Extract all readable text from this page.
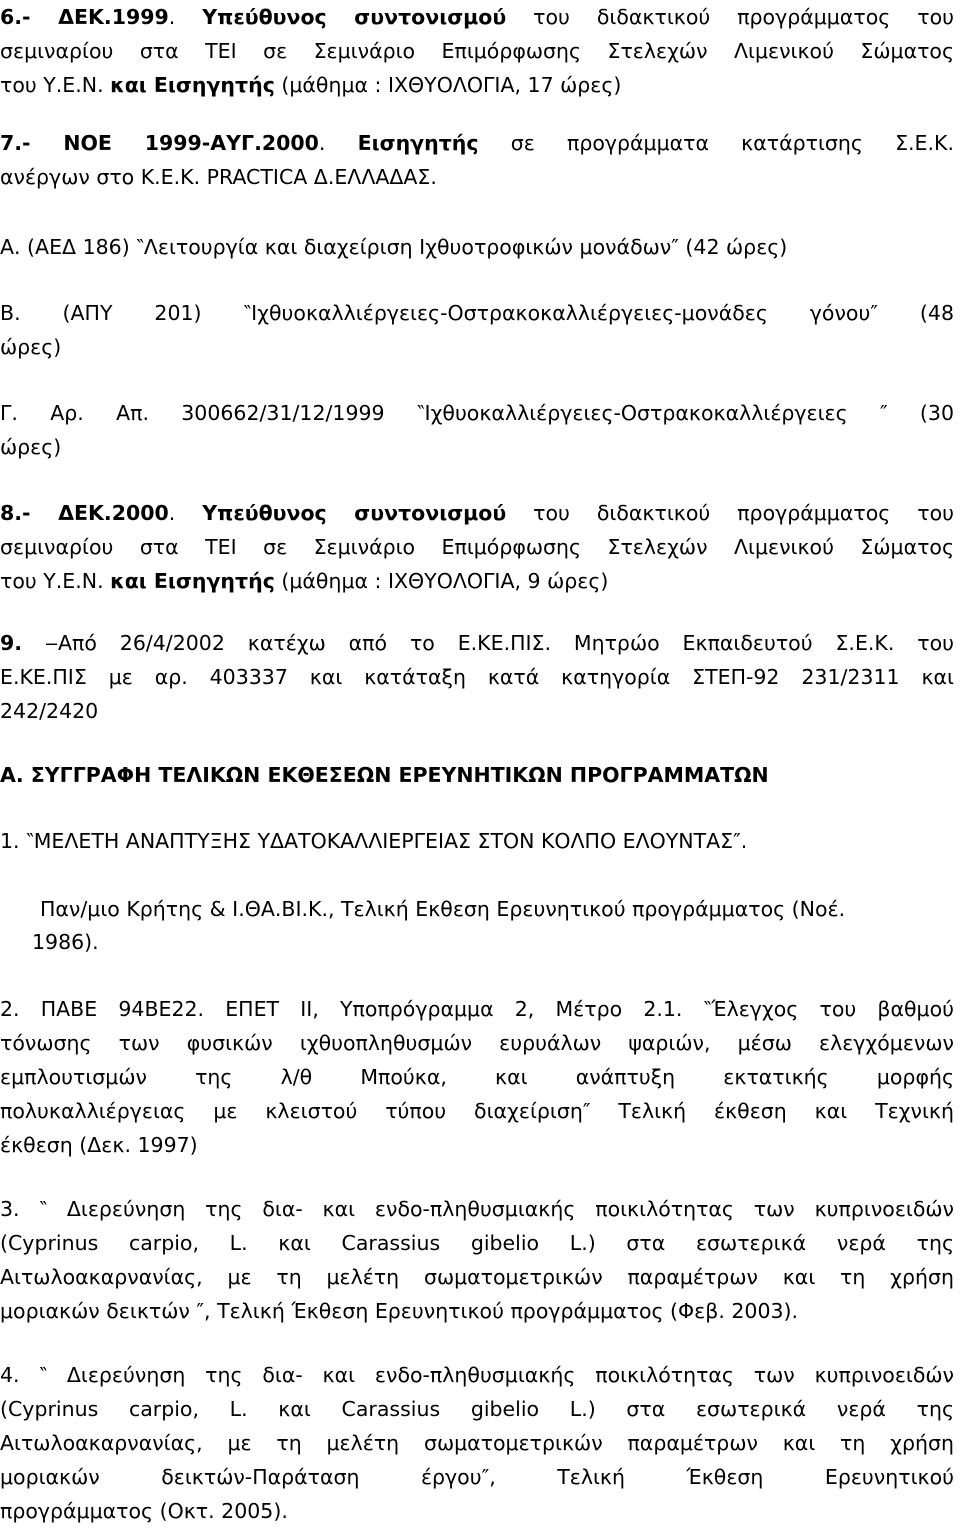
6.- ΔΕΚ.1999. Υπεύθυνος συντονισμού του διδακτικού προγράμματος του
σεμιναρίου στα ΤΕΙ σε Σεμινάριο Επιμόρφωσης Στελεχών Λιμενικού Σώματος
του Υ.Ε.Ν. και Εισηγητής (μάθημα : ΙΧΘΥΟΛΟΓΙΑ, 17 ώρες)
7.- ΝΟΕ 1999-ΑΥΓ.2000. Εισηγητής σε προγράμματα κατάρτισης Σ.Ε.Κ.
ανέργων στο Κ.Ε.Κ. PRACTICA Δ.ΕΛΛΑΔΑΣ.
Α. (ΑΕΔ 186) ‶Λειτουργία και διαχείριση Ιχθυοτροφικών μονάδων″ (42 ώρες)
Β. (ΑΠΥ 201) ‶Ιχθυοκαλλιέργειες-Οστρακοκαλλιέργειες-μονάδες γόνου″ (48
ώρες)
Γ. Αρ. Απ. 300662/31/12/1999 ‶Ιχθυοκαλλιέργειες-Οστρακοκαλλιέργειες ″ (30
ώρες)
8.- ΔΕΚ.2000. Υπεύθυνος συντονισμού του διδακτικού προγράμματος του
σεμιναρίου στα ΤΕΙ σε Σεμινάριο Επιμόρφωσης Στελεχών Λιμενικού Σώματος
του Υ.Ε.Ν. και Εισηγητής (μάθημα : ΙΧΘΥΟΛΟΓΙΑ, 9 ώρες)
9. ‒Από 26/4/2002 κατέχω από το Ε.ΚΕ.ΠΙΣ. Μητρώο Εκπαιδευτού Σ.Ε.Κ. του
Ε.ΚΕ.ΠΙΣ με αρ. 403337 και κατάταξη κατά κατηγορία ΣΤΕΠ-92 231/2311 και
242/2420
Α. ΣΥΓΓΡΑΦΗ ΤΕΛΙΚΩΝ ΕΚΘΕΣΕΩΝ ΕΡΕΥΝΗΤΙΚΩΝ ΠΡΟΓΡΑΜΜΑΤΩΝ
1. ‶ΜΕΛΕΤΗ ΑΝΑΠΤΥΞΗΣ ΥΔΑΤΟΚΑΛΛΙΕΡΓΕΙΑΣ ΣΤΟΝ ΚΟΛΠΟ ΕΛΟΥΝΤΑΣ″.
Παν/μιο Κρήτης & Ι.ΘΑ.ΒΙ.Κ., Τελική Εκθεση Ερευνητικού προγράμματος (Νοέ.
1986).
2. ΠΑΒΕ 94ΒΕ22. ΕΠΕΤ ΙΙ, Υποπρόγραμμα 2, Μέτρο 2.1. ‶Έλεγχος του βαθμού
τόνωσης των φυσικών ιχθυοπληθυσμών ευρυάλων ψαριών, μέσω ελεγχόμενων
εμπλουτισμών της λ/θ Μπούκα, και ανάπτυξη εκτατικής μορφής
πολυκαλλιέργειας με κλειστού τύπου διαχείριση″ Τελική έκθεση και Τεχνική
έκθεση (Δεκ. 1997)
3. ‶ Διερεύνηση της δια- και ενδο-πληθυσμιακής ποικιλότητας των κυπρινοειδών
(Cyprinus carpio, L. και Carassius gibelio L.) στα εσωτερικά νερά της
Αιτωλοακαρνανίας, με τη μελέτη σωματομετρικών παραμέτρων και τη χρήση
μοριακών δεικτών ″, Τελική Έκθεση Ερευνητικού προγράμματος (Φεβ. 2003).
4. ‶ Διερεύνηση της δια- και ενδο-πληθυσμιακής ποικιλότητας των κυπρινοειδών
(Cyprinus carpio, L. και Carassius gibelio L.) στα εσωτερικά νερά της
Αιτωλοακαρνανίας, με τη μελέτη σωματομετρικών παραμέτρων και τη χρήση
μοριακών δεικτών-Παράταση έργου″, Τελική Έκθεση Ερευνητικού
προγράμματος (Οκτ. 2005).
